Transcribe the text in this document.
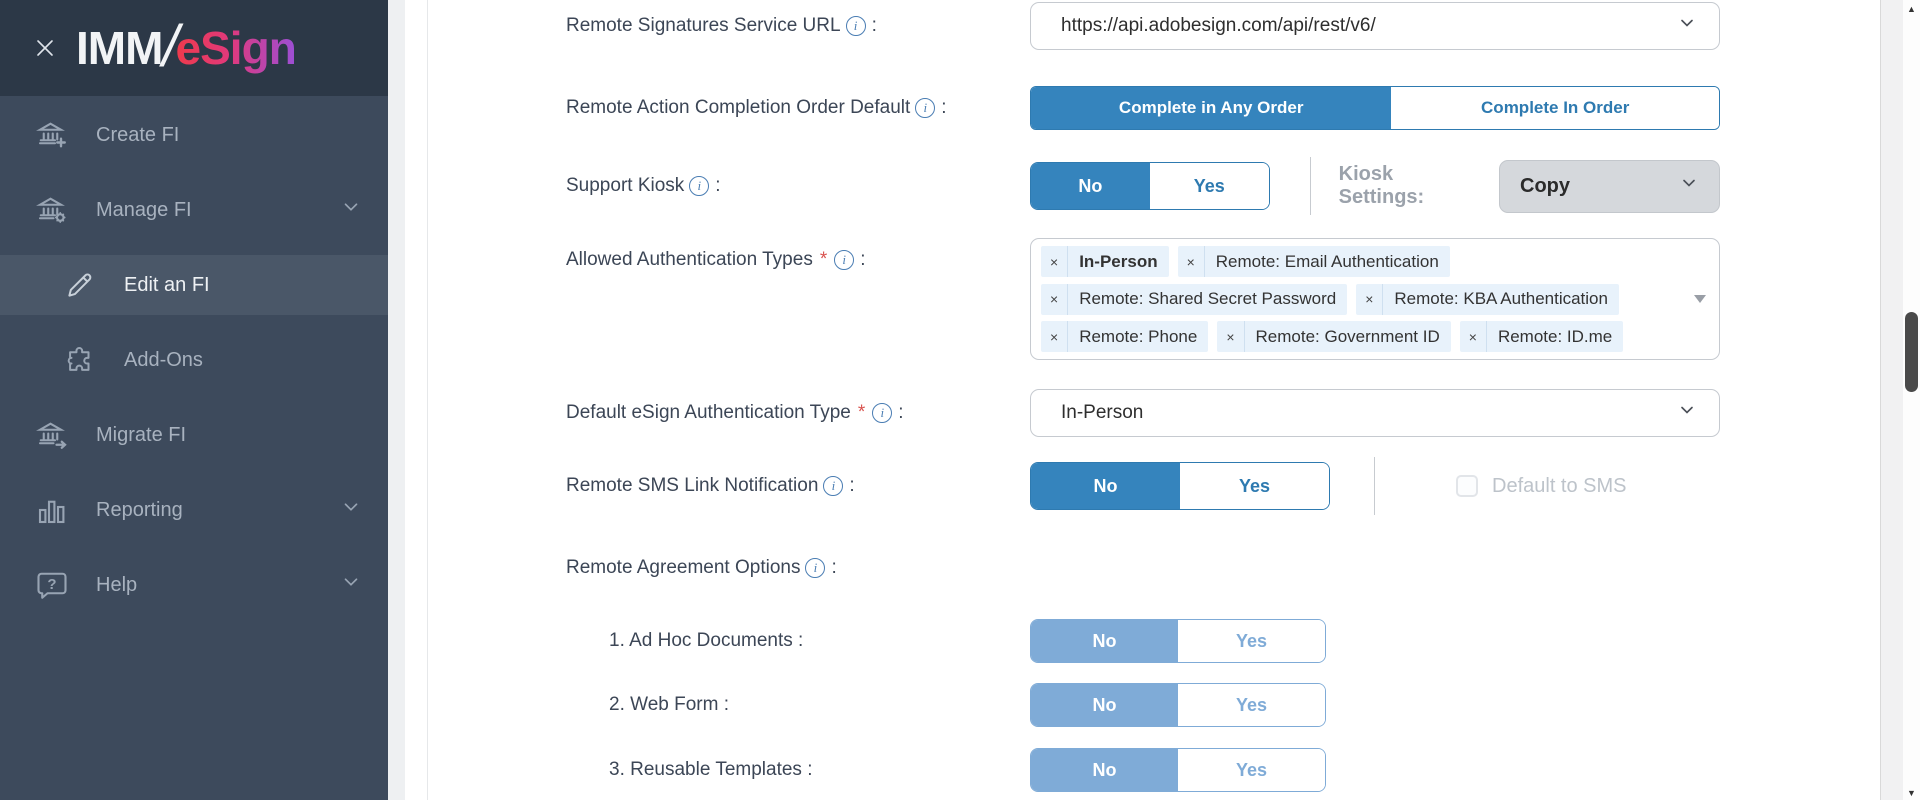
IMM /
eSign
Create FI
Manage FI
Edit an FI
Add-Ons
Migrate FI
Reporting
? Help
Remote Signatures Service URL i :	https://api.adobesign.com/api/rest/v6/
Remote Action Completion Order Default i :	Complete in Any Order	Complete In Order
Support Kiosk i :	No	Yes
Kiosk Settings:
Copy
Allowed Authentication Types * i :	×	In-Person	×	Remote: Email Authentication
×	Remote: Shared Secret Password	×	Remote: KBA Authentication
×	Remote: Phone	×	Remote: Government ID	×	Remote: ID.me
Default eSign Authentication Type * i :	In-Person
Remote SMS Link Notification i :	No	Yes	Default to SMS
Remote Agreement Options i :
1. Ad Hoc Documents :	No	Yes
2. Web Form :	No	Yes
3. Reusable Templates :	No	Yes
▲
▼
